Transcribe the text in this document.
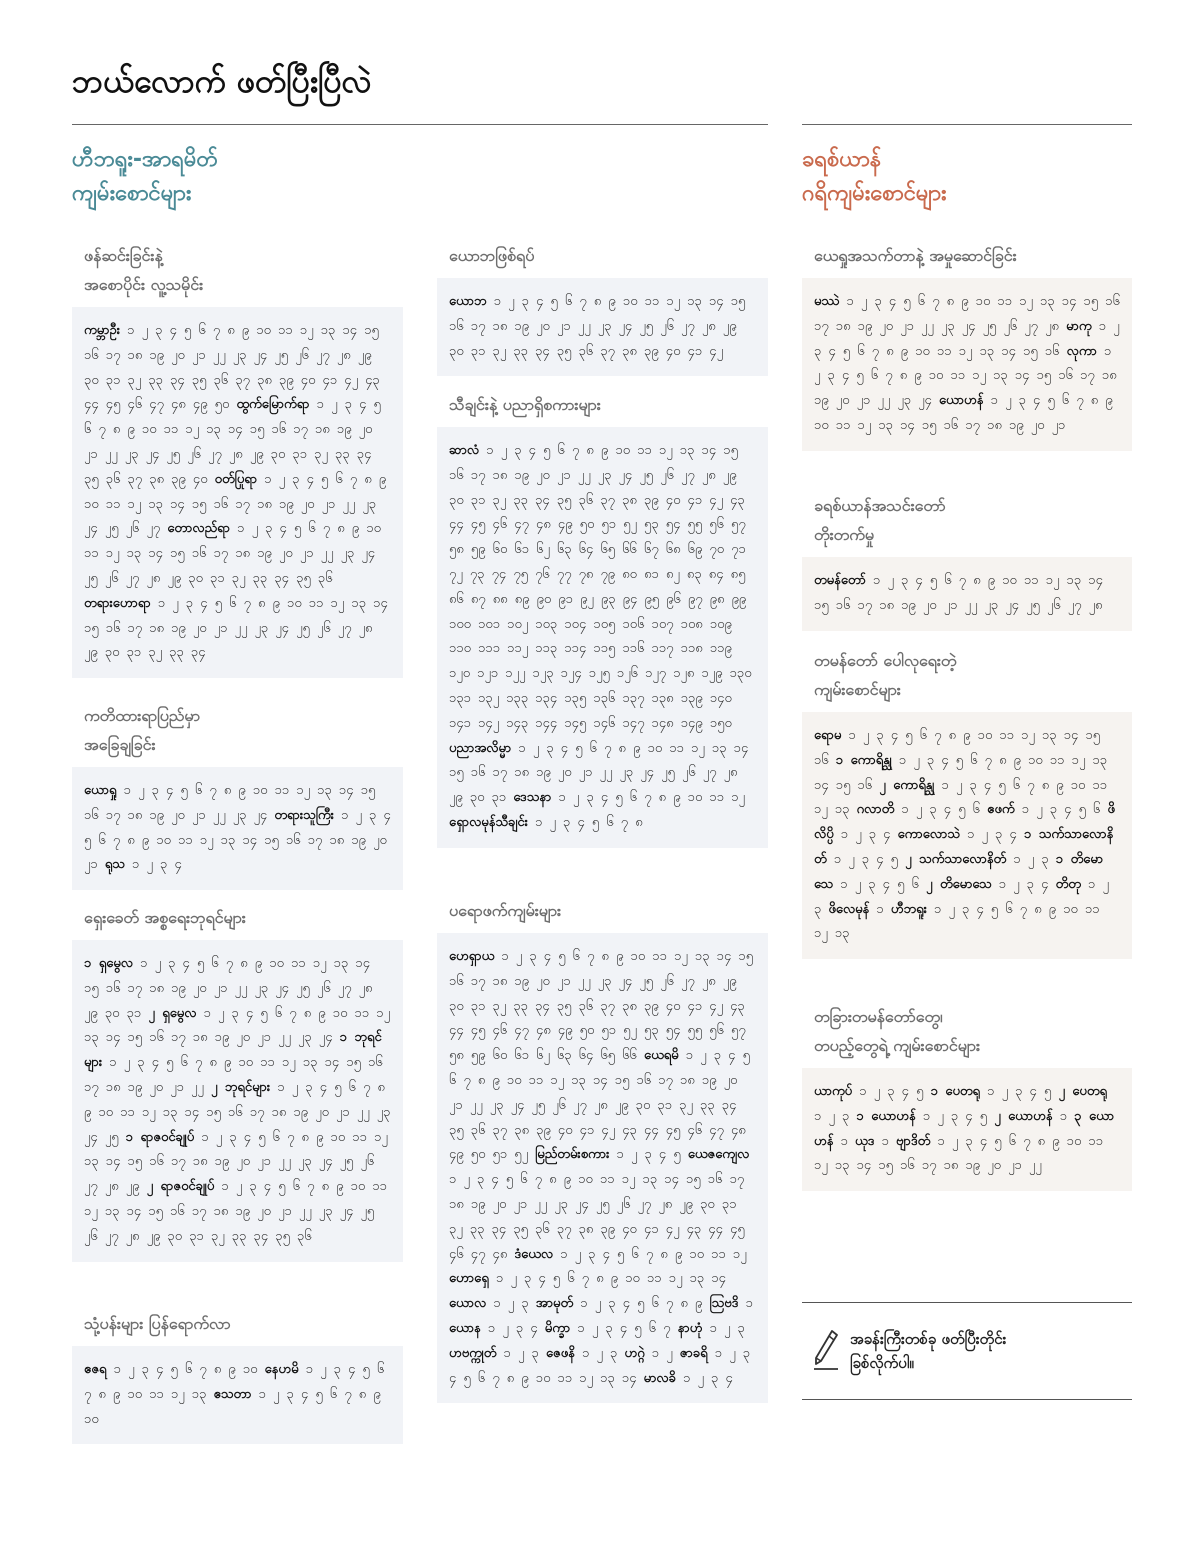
ဘယ်လောက် ဖတ်ပြီးပြီလဲ
ဟီဘရူး-အာရမိတ်
ကျမ်းစောင်များ
ခရစ်ယာန်
ဂရိကျမ်းစောင်များ
ဖန်ဆင်းခြင်းနဲ့
အစောပိုင်း လူ့သမိုင်း
ကမ္ဘာဦး ၁ ၂ ၃ ၄ ၅ ၆ ၇ ၈ ၉ ၁၀ ၁၁ ၁၂ ၁၃ ၁၄ ၁၅ ၁၆ ၁၇ ၁၈ ၁၉ ၂၀ ၂၁ ၂၂ ၂၃ ၂၄ ၂၅ ၂၆ ၂၇ ၂၈ ၂၉ ၃၀ ၃၁ ၃၂ ၃၃ ၃၄ ၃၅ ၃၆ ၃၇ ၃၈ ၃၉ ၄၀ ၄၁ ၄၂ ၄၃ ၄၄ ၄၅ ၄၆ ၄၇ ၄၈ ၄၉ ၅၀ ထွက်မြောက်ရာ ၁ ၂ ၃ ၄ ၅ ၆ ၇ ၈ ၉ ၁၀ ၁၁ ၁၂ ၁၃ ၁၄ ၁၅ ၁၆ ၁၇ ၁၈ ၁၉ ၂၀ ၂၁ ၂၂ ၂၃ ၂၄ ၂၅ ၂၆ ၂၇ ၂၈ ၂၉ ၃၀ ၃၁ ၃၂ ၃၃ ၃၄ ၃၅ ၃၆ ၃၇ ၃၈ ၃၉ ၄၀ ဝတ်ပြုရာ ၁ ၂ ၃ ၄ ၅ ၆ ၇ ၈ ၉ ၁၀ ၁၁ ၁၂ ၁၃ ၁၄ ၁၅ ၁၆ ၁၇ ၁၈ ၁၉ ၂၀ ၂၁ ၂၂ ၂၃ ၂၄ ၂၅ ၂၆ ၂၇ တောလည်ရာ ၁ ၂ ၃ ၄ ၅ ၆ ၇ ၈ ၉ ၁၀ ၁၁ ၁၂ ၁၃ ၁၄ ၁၅ ၁၆ ၁၇ ၁၈ ၁၉ ၂၀ ၂၁ ၂၂ ၂၃ ၂၄ ၂၅ ၂၆ ၂၇ ၂၈ ၂၉ ၃၀ ၃၁ ၃၂ ၃၃ ၃၄ ၃၅ ၃၆ တရားဟောရာ ၁ ၂ ၃ ၄ ၅ ၆ ၇ ၈ ၉ ၁၀ ၁၁ ၁၂ ၁၃ ၁၄ ၁၅ ၁၆ ၁၇ ၁၈ ၁၉ ၂၀ ၂၁ ၂၂ ၂၃ ၂၄ ၂၅ ၂၆ ၂၇ ၂၈ ၂၉ ၃၀ ၃၁ ၃၂ ၃၃ ၃၄
ကတိထားရာပြည်မှာ
အခြေချခြင်း
ယောရှု ၁ ၂ ၃ ၄ ၅ ၆ ၇ ၈ ၉ ၁၀ ၁၁ ၁၂ ၁၃ ၁၄ ၁၅ ၁၆ ၁၇ ၁၈ ၁၉ ၂၀ ၂၁ ၂၂ ၂၃ ၂၄ တရားသူကြီး ၁ ၂ ၃ ၄ ၅ ၆ ၇ ၈ ၉ ၁၀ ၁၁ ၁၂ ၁၃ ၁၄ ၁၅ ၁၆ ၁၇ ၁၈ ၁၉ ၂၀ ၂၁ ရုသ ၁ ၂ ၃ ၄
ရှေးခေတ် အစ္စရေးဘုရင်များ
၁ ရှမွေလ ၁ ၂ ၃ ၄ ၅ ၆ ၇ ၈ ၉ ၁၀ ၁၁ ၁၂ ၁၃ ၁၄ ၁၅ ၁၆ ၁၇ ၁၈ ၁၉ ၂၀ ၂၁ ၂၂ ၂၃ ၂၄ ၂၅ ၂၆ ၂၇ ၂၈ ၂၉ ၃၀ ၃၁ ၂ ရှမွေလ ၁ ၂ ၃ ၄ ၅ ၆ ၇ ၈ ၉ ၁၀ ၁၁ ၁၂ ၁၃ ၁၄ ၁၅ ၁၆ ၁၇ ၁၈ ၁၉ ၂၀ ၂၁ ၂၂ ၂၃ ၂၄ ၁ ဘုရင်များ ၁ ၂ ၃ ၄ ၅ ၆ ၇ ၈ ၉ ၁၀ ၁၁ ၁၂ ၁၃ ၁၄ ၁၅ ၁၆ ၁၇ ၁၈ ၁၉ ၂၀ ၂၁ ၂၂ ၂ ဘုရင်များ ၁ ၂ ၃ ၄ ၅ ၆ ၇ ၈ ၉ ၁၀ ၁၁ ၁၂ ၁၃ ၁၄ ၁၅ ၁၆ ၁၇ ၁၈ ၁၉ ၂၀ ၂၁ ၂၂ ၂၃ ၂၄ ၂၅ ၁ ရာဇဝင်ချုပ် ၁ ၂ ၃ ၄ ၅ ၆ ၇ ၈ ၉ ၁၀ ၁၁ ၁၂ ၁၃ ၁၄ ၁၅ ၁၆ ၁၇ ၁၈ ၁၉ ၂၀ ၂၁ ၂၂ ၂၃ ၂၄ ၂၅ ၂၆ ၂၇ ၂၈ ၂၉ ၂ ရာဇဝင်ချုပ် ၁ ၂ ၃ ၄ ၅ ၆ ၇ ၈ ၉ ၁၀ ၁၁ ၁၂ ၁၃ ၁၄ ၁၅ ၁၆ ၁၇ ၁၈ ၁၉ ၂၀ ၂၁ ၂၂ ၂၃ ၂၄ ၂၅ ၂၆ ၂၇ ၂၈ ၂၉ ၃၀ ၃၁ ၃၂ ၃၃ ၃၄ ၃၅ ၃၆
သုံ့ပန်းများ ပြန်ရောက်လာ
ဧဇရ ၁ ၂ ၃ ၄ ၅ ၆ ၇ ၈ ၉ ၁၀ နေဟမိ ၁ ၂ ၃ ၄ ၅ ၆ ၇ ၈ ၉ ၁၀ ၁၁ ၁၂ ၁၃ ဧသတာ ၁ ၂ ၃ ၄ ၅ ၆ ၇ ၈ ၉ ၁၀
ယောဘဖြစ်ရပ်
ယောဘ ၁ ၂ ၃ ၄ ၅ ၆ ၇ ၈ ၉ ၁၀ ၁၁ ၁၂ ၁၃ ၁၄ ၁၅ ၁၆ ၁၇ ၁၈ ၁၉ ၂၀ ၂၁ ၂၂ ၂၃ ၂၄ ၂၅ ၂၆ ၂၇ ၂၈ ၂၉ ၃၀ ၃၁ ၃၂ ၃၃ ၃၄ ၃၅ ၃၆ ၃၇ ၃၈ ၃၉ ၄၀ ၄၁ ၄၂
သီချင်းနဲ့ ပညာရှိစကားများ
ဆာလံ ၁ ၂ ၃ ၄ ၅ ၆ ၇ ၈ ၉ ၁၀ ၁၁ ၁၂ ၁၃ ၁၄ ၁၅ ၁၆ ၁၇ ၁၈ ၁၉ ၂၀ ၂၁ ၂၂ ၂၃ ၂၄ ၂၅ ၂၆ ၂၇ ၂၈ ၂၉ ၃၀ ၃၁ ၃၂ ၃၃ ၃၄ ၃၅ ၃၆ ၃၇ ၃၈ ၃၉ ၄၀ ၄၁ ၄၂ ၄၃ ၄၄ ၄၅ ၄၆ ၄၇ ၄၈ ၄၉ ၅၀ ၅၁ ၅၂ ၅၃ ၅၄ ၅၅ ၅၆ ၅၇ ၅၈ ၅၉ ၆၀ ၆၁ ၆၂ ၆၃ ၆၄ ၆၅ ၆၆ ၆၇ ၆၈ ၆၉ ၇၀ ၇၁ ၇၂ ၇၃ ၇၄ ၇၅ ၇၆ ၇၇ ၇၈ ၇၉ ၈၀ ၈၁ ၈၂ ၈၃ ၈၄ ၈၅ ၈၆ ၈၇ ၈၈ ၈၉ ၉၀ ၉၁ ၉၂ ၉၃ ၉၄ ၉၅ ၉၆ ၉၇ ၉၈ ၉၉ ၁၀၀ ၁၀၁ ၁၀၂ ၁၀၃ ၁၀၄ ၁၀၅ ၁၀၆ ၁၀၇ ၁၀၈ ၁၀၉ ၁၁၀ ၁၁၁ ၁၁၂ ၁၁၃ ၁၁၄ ၁၁၅ ၁၁၆ ၁၁၇ ၁၁၈ ၁၁၉ ၁၂၀ ၁၂၁ ၁၂၂ ၁၂၃ ၁၂၄ ၁၂၅ ၁၂၆ ၁၂၇ ၁၂၈ ၁၂၉ ၁၃၀ ၁၃၁ ၁၃၂ ၁၃၃ ၁၃၄ ၁၃၅ ၁၃၆ ၁၃၇ ၁၃၈ ၁၃၉ ၁၄၀ ၁၄၁ ၁၄၂ ၁၄၃ ၁၄၄ ၁၄၅ ၁၄၆ ၁၄၇ ၁၄၈ ၁၄၉ ၁၅၀ ပညာအလိမ္မာ ၁ ၂ ၃ ၄ ၅ ၆ ၇ ၈ ၉ ၁၀ ၁၁ ၁၂ ၁၃ ၁၄ ၁၅ ၁၆ ၁၇ ၁၈ ၁၉ ၂၀ ၂၁ ၂၂ ၂၃ ၂၄ ၂၅ ၂၆ ၂၇ ၂၈ ၂၉ ၃၀ ၃၁ ဒေသနာ ၁ ၂ ၃ ၄ ၅ ၆ ၇ ၈ ၉ ၁၀ ၁၁ ၁၂ ရှောလမုန်သီချင်း ၁ ၂ ၃ ၄ ၅ ၆ ၇ ၈
ပရောဖက်ကျမ်းများ
ဟေရှာယ ၁ ၂ ၃ ၄ ၅ ၆ ၇ ၈ ၉ ၁၀ ၁၁ ၁၂ ၁၃ ၁၄ ၁၅ ၁၆ ၁၇ ၁၈ ၁၉ ၂၀ ၂၁ ၂၂ ၂၃ ၂၄ ၂၅ ၂၆ ၂၇ ၂၈ ၂၉ ၃၀ ၃၁ ၃၂ ၃၃ ၃၄ ၃၅ ၃၆ ၃၇ ၃၈ ၃၉ ၄၀ ၄၁ ၄၂ ၄၃ ၄၄ ၄၅ ၄၆ ၄၇ ၄၈ ၄၉ ၅၀ ၅၁ ၅၂ ၅၃ ၅၄ ၅၅ ၅၆ ၅၇ ၅၈ ၅၉ ၆၀ ၆၁ ၆၂ ၆၃ ၆၄ ၆၅ ၆၆ ယေရမိ ၁ ၂ ၃ ၄ ၅ ၆ ၇ ၈ ၉ ၁၀ ၁၁ ၁၂ ၁၃ ၁၄ ၁၅ ၁၆ ၁၇ ၁၈ ၁၉ ၂၀ ၂၁ ၂၂ ၂၃ ၂၄ ၂၅ ၂၆ ၂၇ ၂၈ ၂၉ ၃၀ ၃၁ ၃၂ ၃၃ ၃၄ ၃၅ ၃၆ ၃၇ ၃၈ ၃၉ ၄၀ ၄၁ ၄၂ ၄၃ ၄၄ ၄၅ ၄၆ ၄၇ ၄၈ ၄၉ ၅၀ ၅၁ ၅၂ မြည်တမ်းစကား ၁ ၂ ၃ ၄ ၅ ယေဇကျေလ ၁ ၂ ၃ ၄ ၅ ၆ ၇ ၈ ၉ ၁၀ ၁၁ ၁၂ ၁၃ ၁၄ ၁၅ ၁၆ ၁၇ ၁၈ ၁၉ ၂၀ ၂၁ ၂၂ ၂၃ ၂၄ ၂၅ ၂၆ ၂၇ ၂၈ ၂၉ ၃၀ ၃၁ ၃၂ ၃၃ ၃၄ ၃၅ ၃၆ ၃၇ ၃၈ ၃၉ ၄၀ ၄၁ ၄၂ ၄၃ ၄၄ ၄၅ ၄၆ ၄၇ ၄၈ ဒံယေလ ၁ ၂ ၃ ၄ ၅ ၆ ၇ ၈ ၉ ၁၀ ၁၁ ၁၂ ဟောရှေ ၁ ၂ ၃ ၄ ၅ ၆ ၇ ၈ ၉ ၁၀ ၁၁ ၁၂ ၁၃ ၁၄ ယောလ ၁ ၂ ၃ အာမုတ် ၁ ၂ ၃ ၄ ၅ ၆ ၇ ၈ ၉ သြဗဒိ ၁ ယောန ၁ ၂ ၃ ၄ မိက္ခာ ၁ ၂ ၃ ၄ ၅ ၆ ၇ နာဟုံ ၁ ၂ ၃ ဟဗက္ကုတ် ၁ ၂ ၃ ဇေဖနိ ၁ ၂ ၃ ဟဂ္ဂဲ ၁ ၂ ဇာခရိ ၁ ၂ ၃ ၄ ၅ ၆ ၇ ၈ ၉ ၁၀ ၁၁ ၁၂ ၁၃ ၁၄ မာလခိ ၁ ၂ ၃ ၄
ယေရှုအသက်တာနဲ့ အမှုဆောင်ခြင်း
မဿဲ ၁ ၂ ၃ ၄ ၅ ၆ ၇ ၈ ၉ ၁၀ ၁၁ ၁၂ ၁၃ ၁၄ ၁၅ ၁၆ ၁၇ ၁၈ ၁၉ ၂၀ ၂၁ ၂၂ ၂၃ ၂၄ ၂၅ ၂၆ ၂၇ ၂၈ မာကု ၁ ၂ ၃ ၄ ၅ ၆ ၇ ၈ ၉ ၁၀ ၁၁ ၁၂ ၁၃ ၁၄ ၁၅ ၁၆ လုကာ ၁ ၂ ၃ ၄ ၅ ၆ ၇ ၈ ၉ ၁၀ ၁၁ ၁၂ ၁၃ ၁၄ ၁၅ ၁၆ ၁၇ ၁၈ ၁၉ ၂၀ ၂၁ ၂၂ ၂၃ ၂၄ ယောဟန် ၁ ၂ ၃ ၄ ၅ ၆ ၇ ၈ ၉ ၁၀ ၁၁ ၁၂ ၁၃ ၁၄ ၁၅ ၁၆ ၁၇ ၁၈ ၁၉ ၂၀ ၂၁
ခရစ်ယာန်အသင်းတော်
တိုးတက်မှု
တမန်တော် ၁ ၂ ၃ ၄ ၅ ၆ ၇ ၈ ၉ ၁၀ ၁၁ ၁၂ ၁၃ ၁၄ ၁၅ ၁၆ ၁၇ ၁၈ ၁၉ ၂၀ ၂၁ ၂၂ ၂၃ ၂၄ ၂၅ ၂၆ ၂၇ ၂၈
တမန်တော် ပေါလုရေးတဲ့
ကျမ်းစောင်များ
ရောမ ၁ ၂ ၃ ၄ ၅ ၆ ၇ ၈ ၉ ၁၀ ၁၁ ၁၂ ၁၃ ၁၄ ၁၅ ၁၆ ၁ ကောရိန္သု ၁ ၂ ၃ ၄ ၅ ၆ ၇ ၈ ၉ ၁၀ ၁၁ ၁၂ ၁၃ ၁၄ ၁၅ ၁၆ ၂ ကောရိန္သု ၁ ၂ ၃ ၄ ၅ ၆ ၇ ၈ ၉ ၁၀ ၁၁ ၁၂ ၁၃ ဂလာတိ ၁ ၂ ၃ ၄ ၅ ၆ ဧဖက် ၁ ၂ ၃ ၄ ၅ ၆ ဖိလိပ္ပိ ၁ ၂ ၃ ၄ ကောလောသဲ ၁ ၂ ၃ ၄ ၁ သက်သာလောနိတ် ၁ ၂ ၃ ၄ ၅ ၂ သက်သာလောနိတ် ၁ ၂ ၃ ၁ တိမောသေ ၁ ၂ ၃ ၄ ၅ ၆ ၂ တိမောသေ ၁ ၂ ၃ ၄ တိတု ၁ ၂ ၃ ဖိလေမုန် ၁ ဟီဘရူး ၁ ၂ ၃ ၄ ၅ ၆ ၇ ၈ ၉ ၁၀ ၁၁ ၁၂ ၁၃
တခြားတမန်တော်တွေ၊
တပည့်တွေရဲ့ ကျမ်းစောင်များ
ယာကုပ် ၁ ၂ ၃ ၄ ၅ ၁ ပေတရု ၁ ၂ ၃ ၄ ၅ ၂ ပေတရု ၁ ၂ ၃ ၁ ယောဟန် ၁ ၂ ၃ ၄ ၅ ၂ ယောဟန် ၁ ၃ ယောဟန် ၁ ယုဒ ၁ ဗျာဒိတ် ၁ ၂ ၃ ၄ ၅ ၆ ၇ ၈ ၉ ၁၀ ၁၁ ၁၂ ၁၃ ၁၄ ၁၅ ၁၆ ၁၇ ၁၈ ၁၉ ၂၀ ၂၁ ၂၂
အခန်းကြီးတစ်ခု ဖတ်ပြီးတိုင်း
ခြစ်လိုက်ပါ။
